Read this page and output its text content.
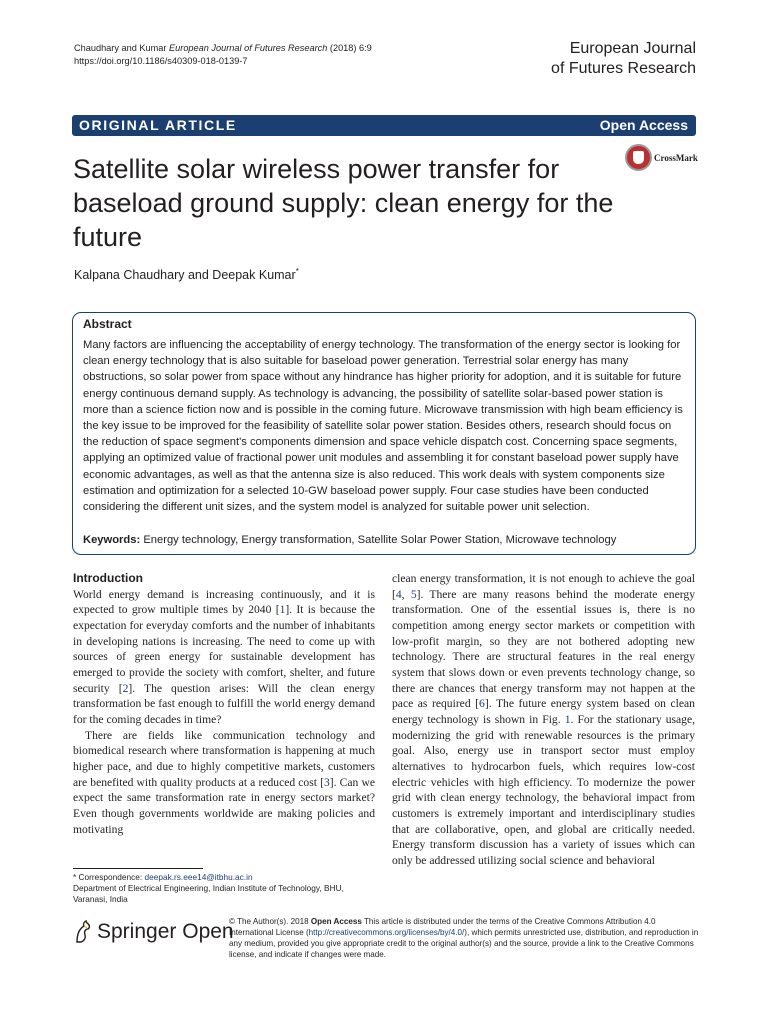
Chaudhary and Kumar European Journal of Futures Research (2018) 6:9
https://doi.org/10.1186/s40309-018-0139-7
European Journal
of Futures Research
ORIGINAL ARTICLE	Open Access
Satellite solar wireless power transfer for baseload ground supply: clean energy for the future
CrossMark
Kalpana Chaudhary and Deepak Kumar*
Abstract
Many factors are influencing the acceptability of energy technology. The transformation of the energy sector is looking for clean energy technology that is also suitable for baseload power generation. Terrestrial solar energy has many obstructions, so solar power from space without any hindrance has higher priority for adoption, and it is suitable for future energy continuous demand supply. As technology is advancing, the possibility of satellite solar-based power station is more than a science fiction now and is possible in the coming future. Microwave transmission with high beam efficiency is the key issue to be improved for the feasibility of satellite solar power station. Besides others, research should focus on the reduction of space segment's components dimension and space vehicle dispatch cost. Concerning space segments, applying an optimized value of fractional power unit modules and assembling it for constant baseload power supply have economic advantages, as well as that the antenna size is also reduced. This work deals with system components size estimation and optimization for a selected 10-GW baseload power supply. Four case studies have been conducted considering the different unit sizes, and the system model is analyzed for suitable power unit selection.
Keywords: Energy technology, Energy transformation, Satellite Solar Power Station, Microwave technology
Introduction

World energy demand is increasing continuously, and it is expected to grow multiple times by 2040 [1]. It is because the expectation for everyday comforts and the number of inhabitants in developing nations is increasing. The need to come up with sources of green energy for sustainable development has emerged to provide the society with comfort, shelter, and future security [2]. The question arises: Will the clean energy transformation be fast enough to fulfill the world energy demand for the coming decades in time?

There are fields like communication technology and biomedical research where transformation is happening at much higher pace, and due to highly competitive markets, customers are benefited with quality products at a reduced cost [3]. Can we expect the same transformation rate in energy sectors market? Even though governments worldwide are making policies and motivating

clean energy transformation, it is not enough to achieve the goal [4, 5]. There are many reasons behind the moderate energy transformation. One of the essential issues is, there is no competition among energy sector markets or competition with low-profit margin, so they are not bothered adopting new technology. There are structural features in the real energy system that slows down or even prevents technology change, so there are chances that energy transform may not happen at the pace as required [6]. The future energy system based on clean energy technology is shown in Fig. 1. For the stationary usage, modernizing the grid with renewable resources is the primary goal. Also, energy use in transport sector must employ alternatives to hydrocarbon fuels, which requires low-cost electric vehicles with high efficiency. To modernize the power grid with clean energy technology, the behavioral impact from customers is extremely important and interdisciplinary studies that are collaborative, open, and global are critically needed. Energy transform discussion has a variety of issues which can only be addressed utilizing social science and behavioral

* Correspondence: deepak.rs.eee14@itbhu.ac.in
Department of Electrical Engineering, Indian Institute of Technology, BHU, Varanasi, India
Springer Open
© The Author(s). 2018 Open Access This article is distributed under the terms of the Creative Commons Attribution 4.0 International License (http://creativecommons.org/licenses/by/4.0/), which permits unrestricted use, distribution, and reproduction in any medium, provided you give appropriate credit to the original author(s) and the source, provide a link to the Creative Commons license, and indicate if changes were made.
